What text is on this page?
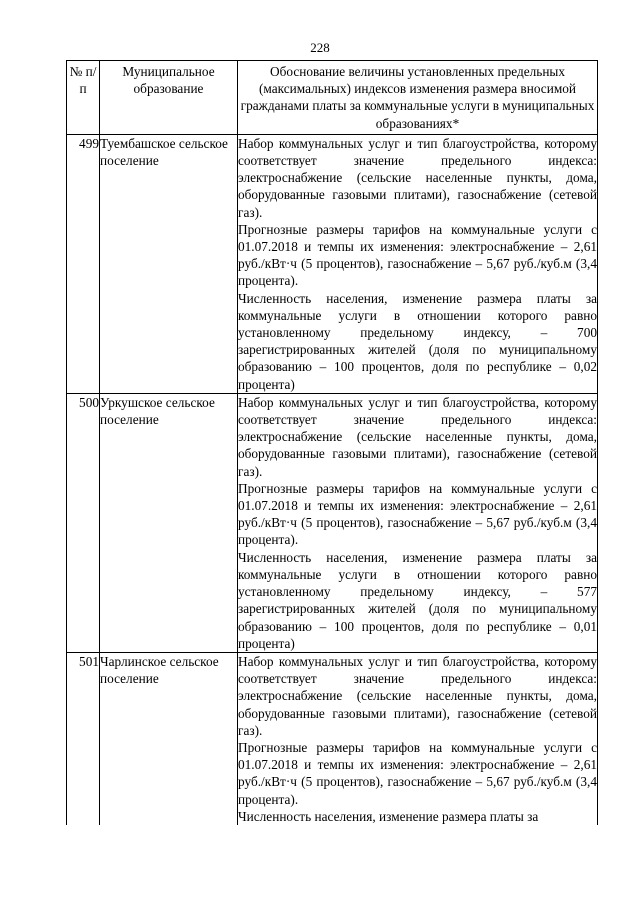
228
№ п/п	Муниципальное образование	Обоснование величины установленных предельных (максимальных) индексов изменения размера вносимой гражданами платы за коммунальные услуги в муниципальных образованиях*

499	Туембашское сельское поселение	Набор коммунальных услуг и тип благоустройства, которому соответствует значение предельного индекса: электроснабжение (сельские населенные пункты, дома, оборудованные газовыми плитами), газоснабжение (сетевой газ).
Прогнозные размеры тарифов на коммунальные услуги с 01.07.2018 и темпы их изменения: электроснабжение – 2,61 руб./кВт·ч (5 процентов), газоснабжение – 5,67 руб./куб.м (3,4 процента).
Численность населения, изменение размера платы за коммунальные услуги в отношении которого равно установленному предельному индексу, – 700 зарегистрированных жителей (доля по муниципальному образованию – 100 процентов, доля по республике – 0,02 процента)

500	Уркушское сельское поселение	Набор коммунальных услуг и тип благоустройства, которому соответствует значение предельного индекса: электроснабжение (сельские населенные пункты, дома, оборудованные газовыми плитами), газоснабжение (сетевой газ).
Прогнозные размеры тарифов на коммунальные услуги с 01.07.2018 и темпы их изменения: электроснабжение – 2,61 руб./кВт·ч (5 процентов), газоснабжение – 5,67 руб./куб.м (3,4 процента).
Численность населения, изменение размера платы за коммунальные услуги в отношении которого равно установленному предельному индексу, – 577 зарегистрированных жителей (доля по муниципальному образованию – 100 процентов, доля по республике – 0,01 процента)

501	Чарлинское сельское поселение	Набор коммунальных услуг и тип благоустройства, которому соответствует значение предельного индекса: электроснабжение (сельские населенные пункты, дома, оборудованные газовыми плитами), газоснабжение (сетевой газ).
Прогнозные размеры тарифов на коммунальные услуги с 01.07.2018 и темпы их изменения: электроснабжение – 2,61 руб./кВт·ч (5 процентов), газоснабжение – 5,67 руб./куб.м (3,4 процента).
Численность населения, изменение размера платы за
